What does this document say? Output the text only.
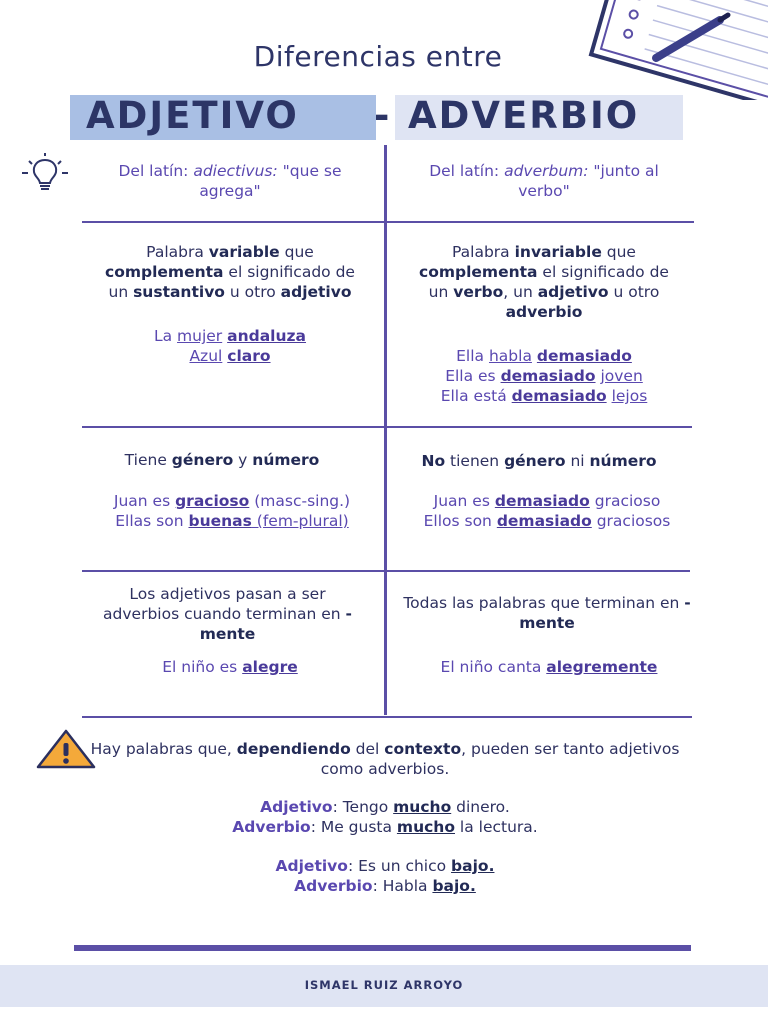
Diferencias entre
ADJETIVO - ADVERBIO
Del latín: adiectivus: "que se agrega"
Del latín: adverbum: "junto al verbo"
Palabra variable que complementa el significado de un sustantivo u otro adjetivo
La mujer andaluza
Azul claro
Palabra invariable que complementa el significado de un verbo, un adjetivo u otro adverbio
Ella habla demasiado
Ella es demasiado joven
Ella está demasiado lejos
Tiene género y número
Juan es gracioso (masc-sing.)
Ellas son buenas (fem-plural)
No tienen género ni número
Juan es demasiado gracioso
Ellos son demasiado graciosos
Los adjetivos pasan a ser adverbios cuando terminan en -mente
El niño es alegre
Todas las palabras que terminan en -mente
El niño canta alegremente
Hay palabras que, dependiendo del contexto, pueden ser tanto adjetivos como adverbios.
Adjetivo: Tengo mucho dinero.
Adverbio: Me gusta mucho la lectura.
Adjetivo: Es un chico bajo.
Adverbio: Habla bajo.
ISMAEL RUIZ ARROYO
